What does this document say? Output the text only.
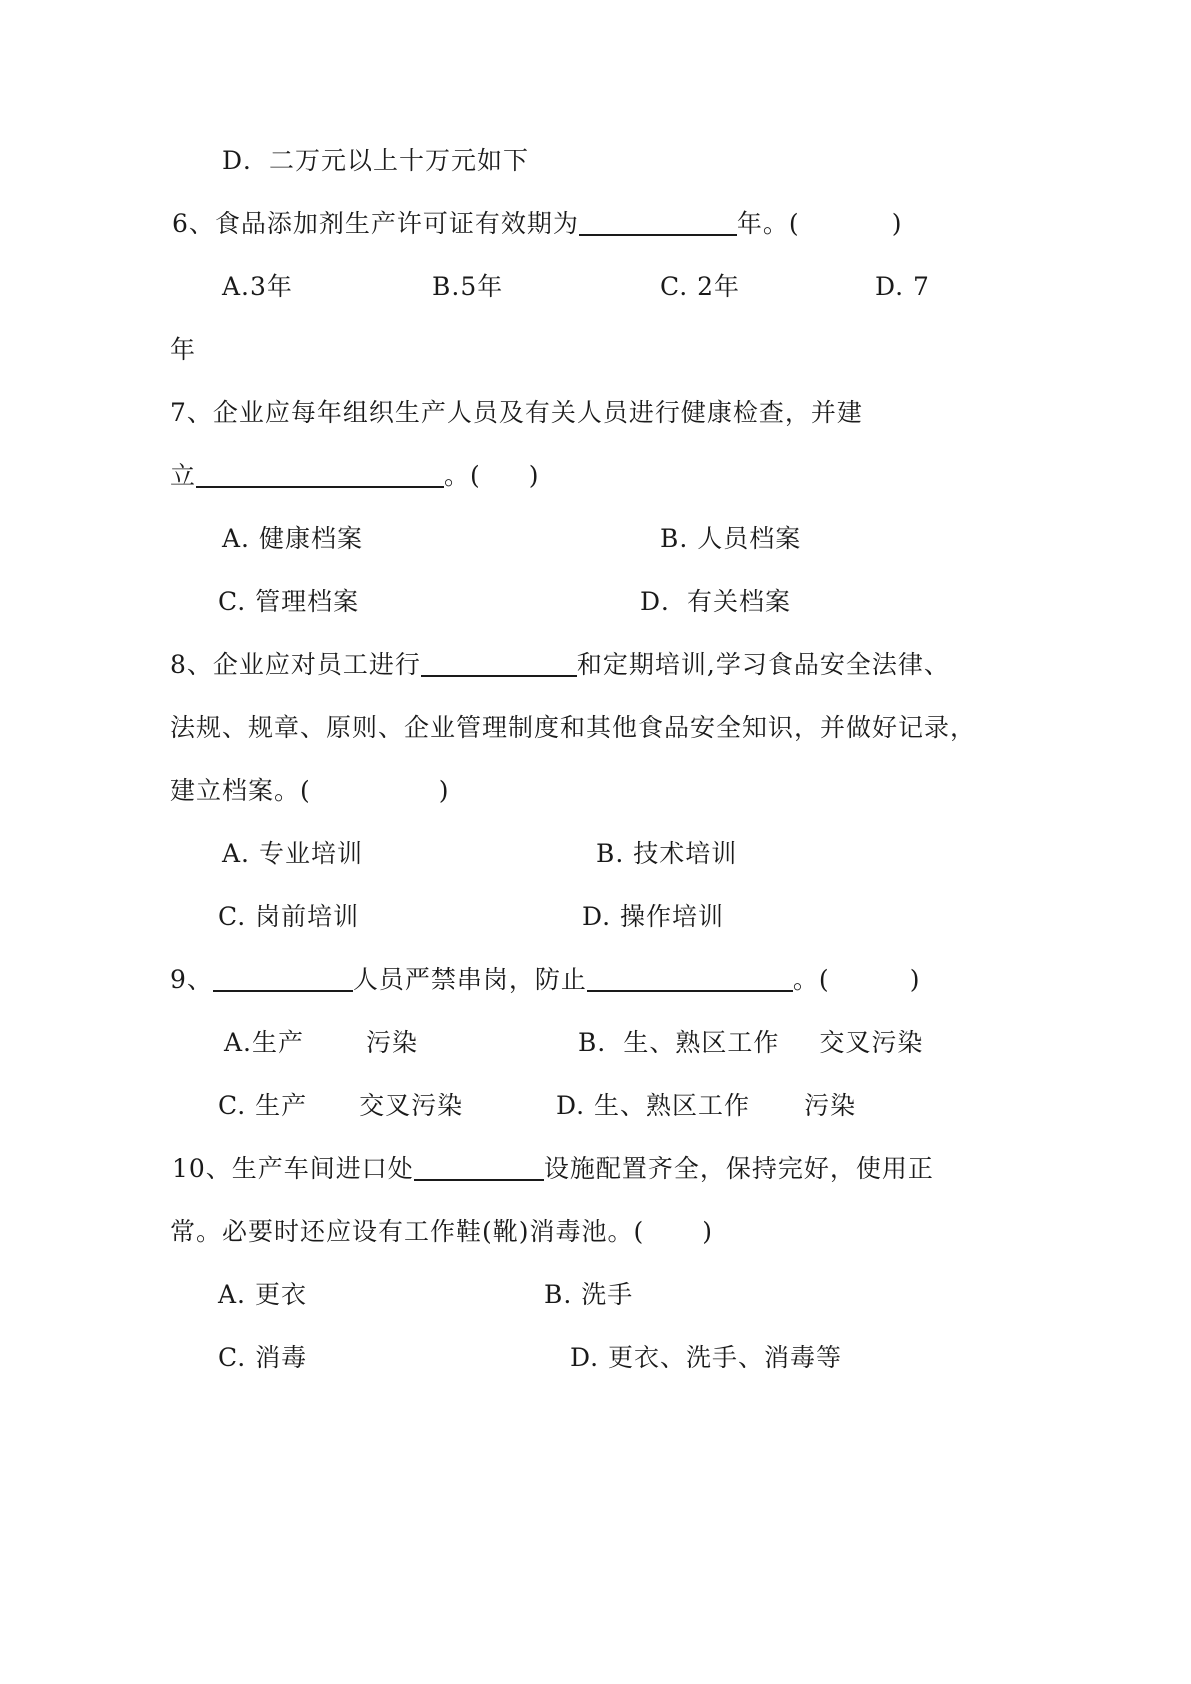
D．二万元以上十万元如下
6、食品添加剂生产许可证有效期为	年。(	)
A.3年	B.5年	C. 2年	D. 7
年
7、企业应每年组织生产人员及有关人员进行健康检查，并建
立	。( )
A. 健康档案	B. 人员档案
C. 管理档案	D．有关档案
8、企业应对员工进行	和定期培训,学习食品安全法律、
法规、规章、原则、企业管理制度和其他食品安全知识，并做好记录，
建立档案。(	)
A. 专业培训	B. 技术培训
C. 岗前培训	D. 操作培训
9、	人员严禁串岗，防止	。(	)
A.生产 污染	B．生、熟区工作 交叉污染
C. 生产 交叉污染	D. 生、熟区工作 污染
10、生产车间进口处	设施配置齐全，保持完好，使用正
常。必要时还应设有工作鞋(靴)消毒池。( )
A. 更衣	B. 洗手
C. 消毒	D. 更衣、洗手、消毒等
